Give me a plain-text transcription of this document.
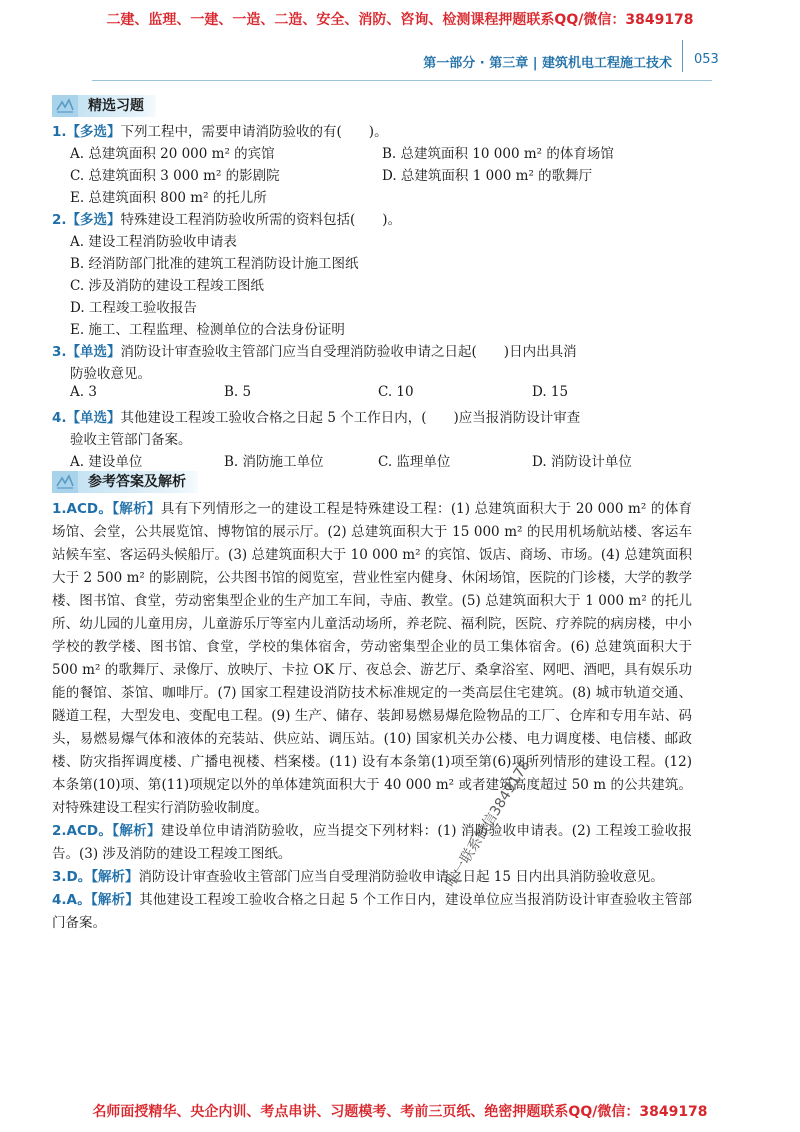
二建、监理、一建、一造、二造、安全、消防、咨询、检测课程押题联系QQ/微信：3849178
第一部分 · 第三章 | 建筑机电工程施工技术 053
精选习题
1.【多选】下列工程中，需要申请消防验收的有(　　)。
A. 总建筑面积 20 000 m² 的宾馆	B. 总建筑面积 10 000 m² 的体育场馆
C. 总建筑面积 3 000 m² 的影剧院	D. 总建筑面积 1 000 m² 的歌舞厅
E. 总建筑面积 800 m² 的托儿所
2.【多选】特殊建设工程消防验收所需的资料包括(　　)。
A. 建设工程消防验收申请表
B. 经消防部门批准的建筑工程消防设计施工图纸
C. 涉及消防的建设工程竣工图纸
D. 工程竣工验收报告
E. 施工、工程监理、检测单位的合法身份证明
3.【单选】消防设计审查验收主管部门应当自受理消防验收申请之日起(　　)日内出具消
防验收意见。
A. 3	B. 5	C. 10	D. 15
4.【单选】其他建设工程竣工验收合格之日起 5 个工作日内，(　　)应当报消防设计审查
验收主管部门备案。
A. 建设单位	B. 消防施工单位	C. 监理单位	D. 消防设计单位
参考答案及解析

1.ACD。【解析】具有下列情形之一的建设工程是特殊建设工程：(1) 总建筑面积大于 20 000 m² 的体育场馆、会堂，公共展览馆、博物馆的展示厅。(2) 总建筑面积大于 15 000 m² 的民用机场航站楼、客运车站候车室、客运码头候船厅。(3) 总建筑面积大于 10 000 m² 的宾馆、饭店、商场、市场。(4) 总建筑面积大于 2 500 m² 的影剧院，公共图书馆的阅览室，营业性室内健身、休闲场馆，医院的门诊楼，大学的教学楼、图书馆、食堂，劳动密集型企业的生产加工车间，寺庙、教堂。(5) 总建筑面积大于 1 000 m² 的托儿所、幼儿园的儿童用房，儿童游乐厅等室内儿童活动场所，养老院、福利院，医院、疗养院的病房楼，中小学校的教学楼、图书馆、食堂，学校的集体宿舍，劳动密集型企业的员工集体宿舍。(6) 总建筑面积大于 500 m² 的歌舞厅、录像厅、放映厅、卡拉 OK 厅、夜总会、游艺厅、桑拿浴室、网吧、酒吧，具有娱乐功能的餐馆、茶馆、咖啡厅。(7) 国家工程建设消防技术标准规定的一类高层住宅建筑。(8) 城市轨道交通、隧道工程，大型发电、变配电工程。(9) 生产、储存、装卸易燃易爆危险物品的工厂、仓库和专用车站、码头，易燃易爆气体和液体的充装站、供应站、调压站。(10) 国家机关办公楼、电力调度楼、电信楼、邮政楼、防灾指挥调度楼、广播电视楼、档案楼。(11) 设有本条第(1)项至第(6)项所列情形的建设工程。(12) 本条第(10)项、第(11)项规定以外的单体建筑面积大于 40 000 m² 或者建筑高度超过 50 m 的公共建筑。对特殊建设工程实行消防验收制度。

2.ACD。【解析】建设单位申请消防验收，应当提交下列材料：(1) 消防验收申请表。(2) 工程竣工验收报告。(3) 涉及消防的建设工程竣工图纸。

3.D。【解析】消防设计审查验收主管部门应当自受理消防验收申请之日起 15 日内出具消防验收意见。

4.A。【解析】其他建设工程竣工验收合格之日起 5 个工作日内，建设单位应当报消防设计审查验收主管部门备案。

唯一联系微信3849178
名师面授精华、央企内训、考点串讲、习题模考、考前三页纸、绝密押题联系QQ/微信：3849178
